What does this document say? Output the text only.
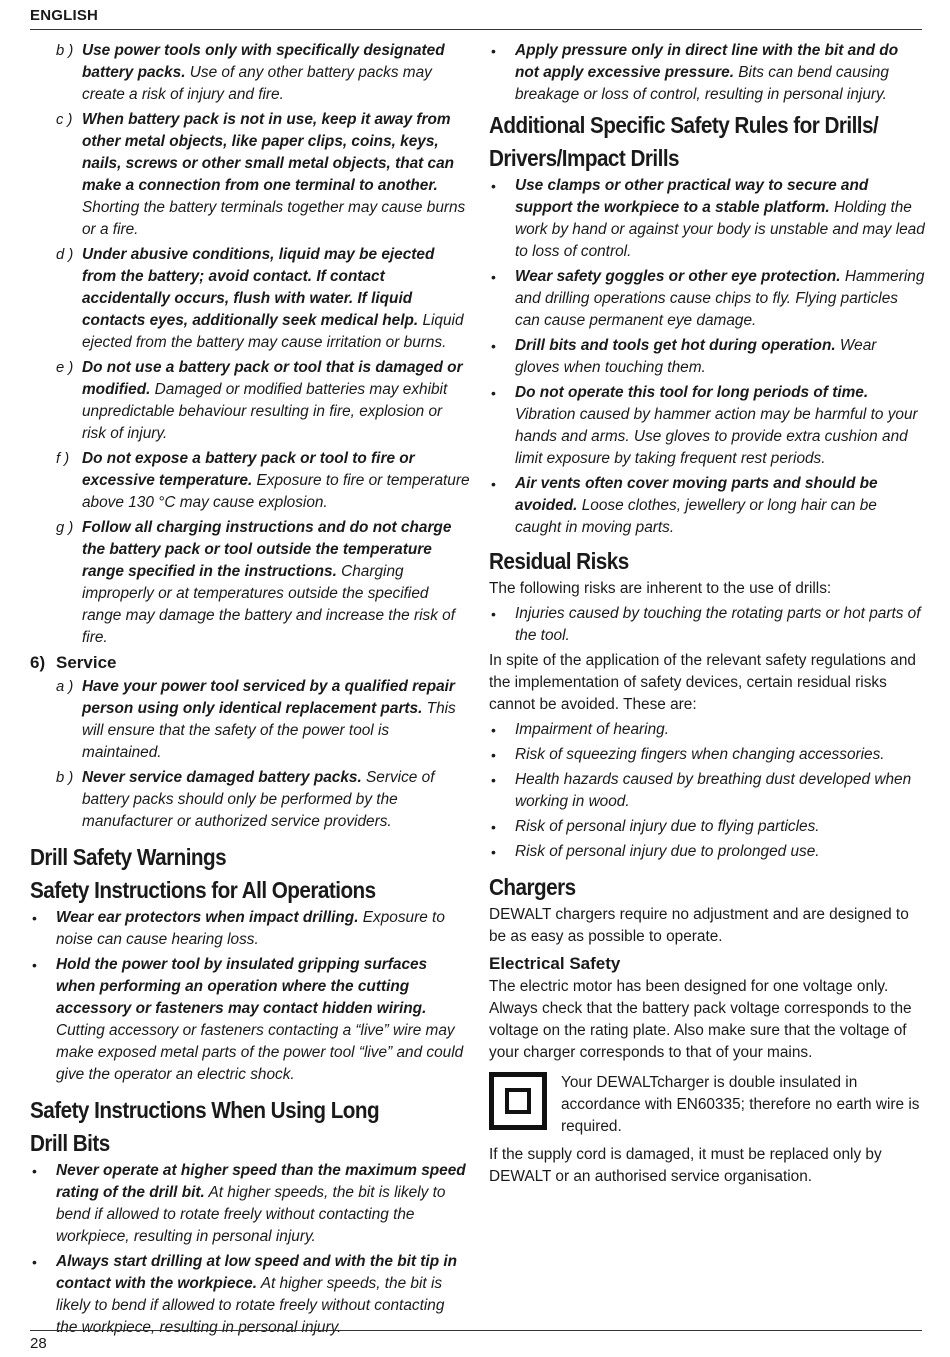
ENGLISH
b ) Use power tools only with specifically designated battery packs. Use of any other battery packs may create a risk of injury and fire.
c ) When battery pack is not in use, keep it away from other metal objects, like paper clips, coins, keys, nails, screws or other small metal objects, that can make a connection from one terminal to another. Shorting the battery terminals together may cause burns or a fire.
d ) Under abusive conditions, liquid may be ejected from the battery; avoid contact. If contact accidentally occurs, flush with water. If liquid contacts eyes, additionally seek medical help. Liquid ejected from the battery may cause irritation or burns.
e ) Do not use a battery pack or tool that is damaged or modified. Damaged or modified batteries may exhibit unpredictable behaviour resulting in fire, explosion or risk of injury.
f ) Do not expose a battery pack or tool to fire or excessive temperature. Exposure to fire or temperature above 130 °C may cause explosion.
g ) Follow all charging instructions and do not charge the battery pack or tool outside the temperature range specified in the instructions. Charging improperly or at temperatures outside the specified range may damage the battery and increase the risk of fire.
6) Service
a ) Have your power tool serviced by a qualified repair person using only identical replacement parts. This will ensure that the safety of the power tool is maintained.
b ) Never service damaged battery packs. Service of battery packs should only be performed by the manufacturer or authorized service providers.
Drill Safety Warnings
Safety Instructions for All Operations
• Wear ear protectors when impact drilling. Exposure to noise can cause hearing loss.
• Hold the power tool by insulated gripping surfaces when performing an operation where the cutting accessory or fasteners may contact hidden wiring. Cutting accessory or fasteners contacting a “live” wire may make exposed metal parts of the power tool “live” and could give the operator an electric shock.
Safety Instructions When Using Long
Drill Bits
• Never operate at higher speed than the maximum speed rating of the drill bit. At higher speeds, the bit is likely to bend if allowed to rotate freely without contacting the workpiece, resulting in personal injury.
• Always start drilling at low speed and with the bit tip in contact with the workpiece. At higher speeds, the bit is likely to bend if allowed to rotate freely without contacting the workpiece, resulting in personal injury.
• Apply pressure only in direct line with the bit and do not apply excessive pressure. Bits can bend causing breakage or loss of control, resulting in personal injury.
Additional Specific Safety Rules for Drills/
Drivers/Impact Drills
• Use clamps or other practical way to secure and support the workpiece to a stable platform. Holding the work by hand or against your body is unstable and may lead to loss of control.
• Wear safety goggles or other eye protection. Hammering and drilling operations cause chips to fly. Flying particles can cause permanent eye damage.
• Drill bits and tools get hot during operation. Wear gloves when touching them.
• Do not operate this tool for long periods of time. Vibration caused by hammer action may be harmful to your hands and arms. Use gloves to provide extra cushion and limit exposure by taking frequent rest periods.
• Air vents often cover moving parts and should be avoided. Loose clothes, jewellery or long hair can be caught in moving parts.
Residual Risks

The following risks are inherent to the use of drills:

• Injuries caused by touching the rotating parts or hot parts of the tool.

In spite of the application of the relevant safety regulations and the implementation of safety devices, certain residual risks cannot be avoided. These are:

• Impairment of hearing.
• Risk of squeezing fingers when changing accessories.
• Health hazards caused by breathing dust developed when working in wood.
• Risk of personal injury due to flying particles.
• Risk of personal injury due to prolonged use.
Chargers

DEWALT chargers require no adjustment and are designed to be as easy as possible to operate.

Electrical Safety

The electric motor has been designed for one voltage only. Always check that the battery pack voltage corresponds to the voltage on the rating plate. Also make sure that the voltage of your charger corresponds to that of your mains.

Your DEWALTcharger is double insulated in accordance with EN60335; therefore no earth wire is required.

If the supply cord is damaged, it must be replaced only by DEWALT or an authorised service organisation.

28
